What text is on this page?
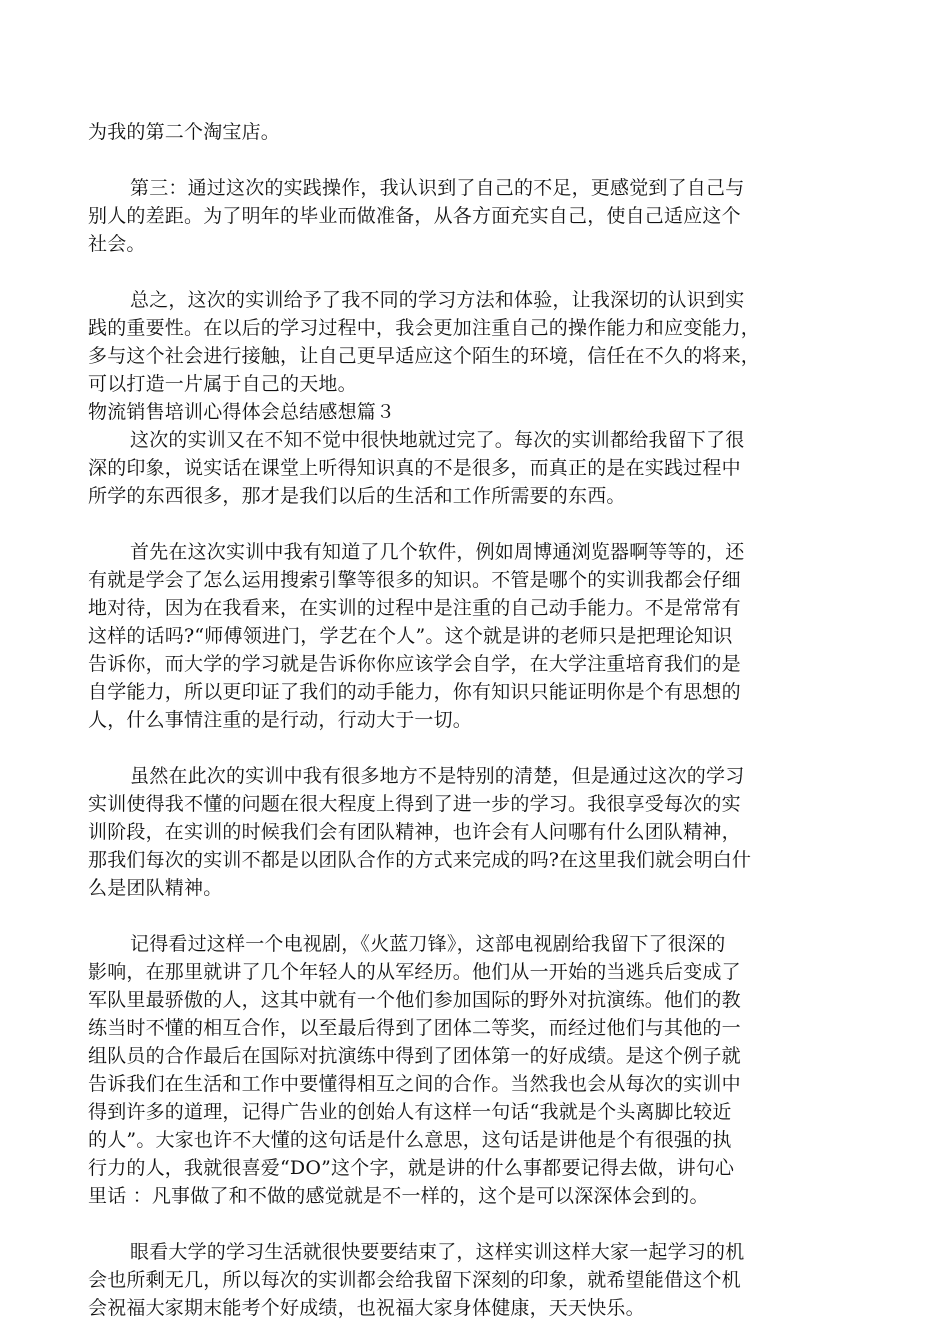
为我的第二个淘宝店。

第三：通过这次的实践操作，我认识到了自己的不足，更感觉到了自己与
别人的差距。为了明年的毕业而做准备，从各方面充实自己，使自己适应这个
社会。
总之，这次的实训给予了我不同的学习方法和体验，让我深切的认识到实
践的重要性。在以后的学习过程中，我会更加注重自己的操作能力和应变能力，
多与这个社会进行接触，让自己更早适应这个陌生的环境，信任在不久的将来，
可以打造一片属于自己的天地。
物流销售培训心得体会总结感想篇３
这次的实训又在不知不觉中很快地就过完了。每次的实训都给我留下了很
深的印象，说实话在课堂上听得知识真的不是很多，而真正的是在实践过程中
所学的东西很多，那才是我们以后的生活和工作所需要的东西。
首先在这次实训中我有知道了几个软件，例如周博通浏览器啊等等的，还
有就是学会了怎么运用搜索引擎等很多的知识。不管是哪个的实训我都会仔细
地对待，因为在我看来，在实训的过程中是注重的自己动手能力。不是常常有
这样的话吗?“师傅领进门，学艺在个人”。这个就是讲的老师只是把理论知识
告诉你，而大学的学习就是告诉你你应该学会自学，在大学注重培育我们的是
自学能力，所以更印证了我们的动手能力，你有知识只能证明你是个有思想的
人，什么事情注重的是行动，行动大于一切。
虽然在此次的实训中我有很多地方不是特别的清楚，但是通过这次的学习
实训使得我不懂的问题在很大程度上得到了进一步的学习。我很享受每次的实
训阶段，在实训的时候我们会有团队精神，也许会有人问哪有什么团队精神，
那我们每次的实训不都是以团队合作的方式来完成的吗?在这里我们就会明白什
么是团队精神。
记得看过这样一个电视剧，《火蓝刀锋》，这部电视剧给我留下了很深的
影响，在那里就讲了几个年轻人的从军经历。他们从一开始的当逃兵后变成了
军队里最骄傲的人，这其中就有一个他们参加国际的野外对抗演练。他们的教
练当时不懂的相互合作，以至最后得到了团体二等奖，而经过他们与其他的一
组队员的合作最后在国际对抗演练中得到了团体第一的好成绩。是这个例子就
告诉我们在生活和工作中要懂得相互之间的合作。当然我也会从每次的实训中
得到许多的道理，记得广告业的创始人有这样一句话“我就是个头离脚比较近
的人”。大家也许不大懂的这句话是什么意思，这句话是讲他是个有很强的执
行力的人，我就很喜爱“DO”这个字，就是讲的什么事都要记得去做，讲句心
里话 ：凡事做了和不做的感觉就是不一样的，这个是可以深深体会到的。
眼看大学的学习生活就很快要要结束了，这样实训这样大家一起学习的机
会也所剩无几，所以每次的实训都会给我留下深刻的印象，就希望能借这个机
会祝福大家期末能考个好成绩，也祝福大家身体健康，天天快乐。
